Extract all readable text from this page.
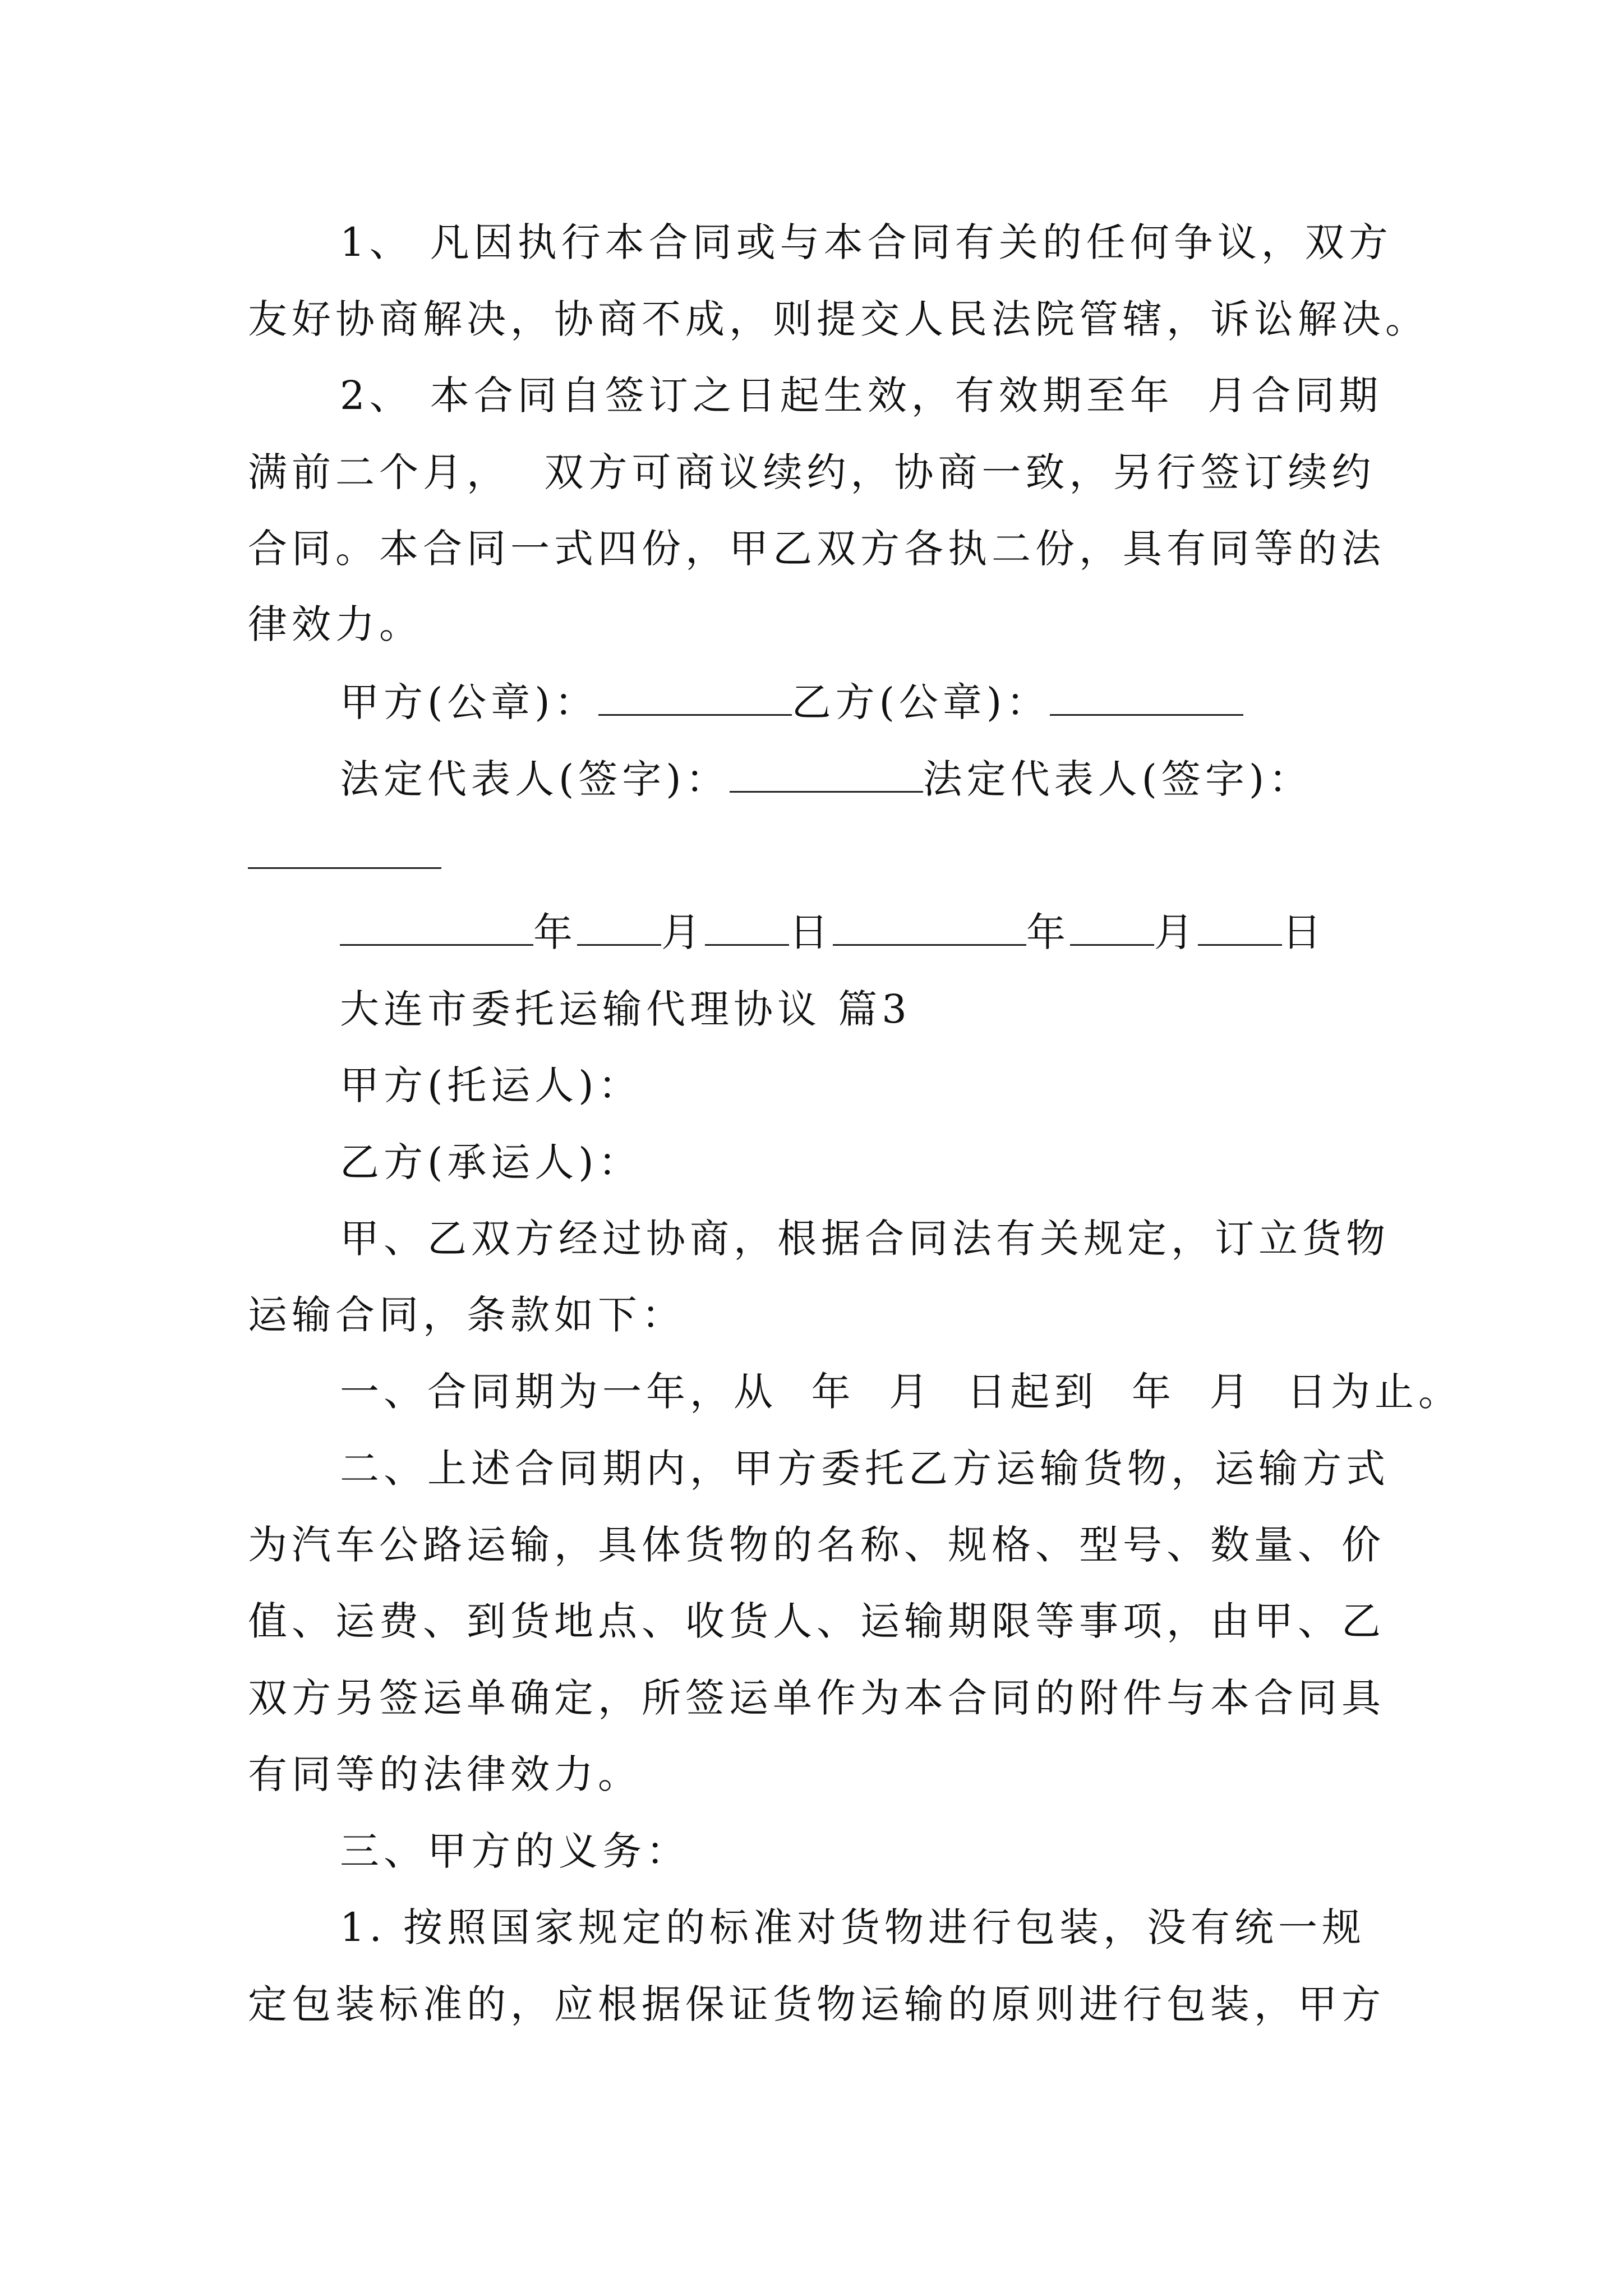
1、 凡因执行本合同或与本合同有关的任何争议，双方
友好协商解决，协商不成，则提交人民法院管辖，诉讼解决。
2、 本合同自签订之日起生效，有效期至年  月合同期
满前二个月，  双方可商议续约，协商一致，另行签订续约
合同。本合同一式四份，甲乙双方各执二份，具有同等的法
律效力。
甲方(公章)：	乙方(公章)：
法定代表人(签字)：	法定代表人(签字)：
年 月 日	年 月 日
大连市委托运输代理协议 篇3
甲方(托运人)：
乙方(承运人)：
甲、乙双方经过协商，根据合同法有关规定，订立货物
运输合同，条款如下：
一、合同期为一年，从  年  月  日起到  年  月  日为止。
二、上述合同期内，甲方委托乙方运输货物，运输方式
为汽车公路运输，具体货物的名称、规格、型号、数量、价
值、运费、到货地点、收货人、运输期限等事项，由甲、乙
双方另签运单确定，所签运单作为本合同的附件与本合同具
有同等的法律效力。
三、甲方的义务：
1. 按照国家规定的标准对货物进行包装，没有统一规
定包装标准的，应根据保证货物运输的原则进行包装，甲方
